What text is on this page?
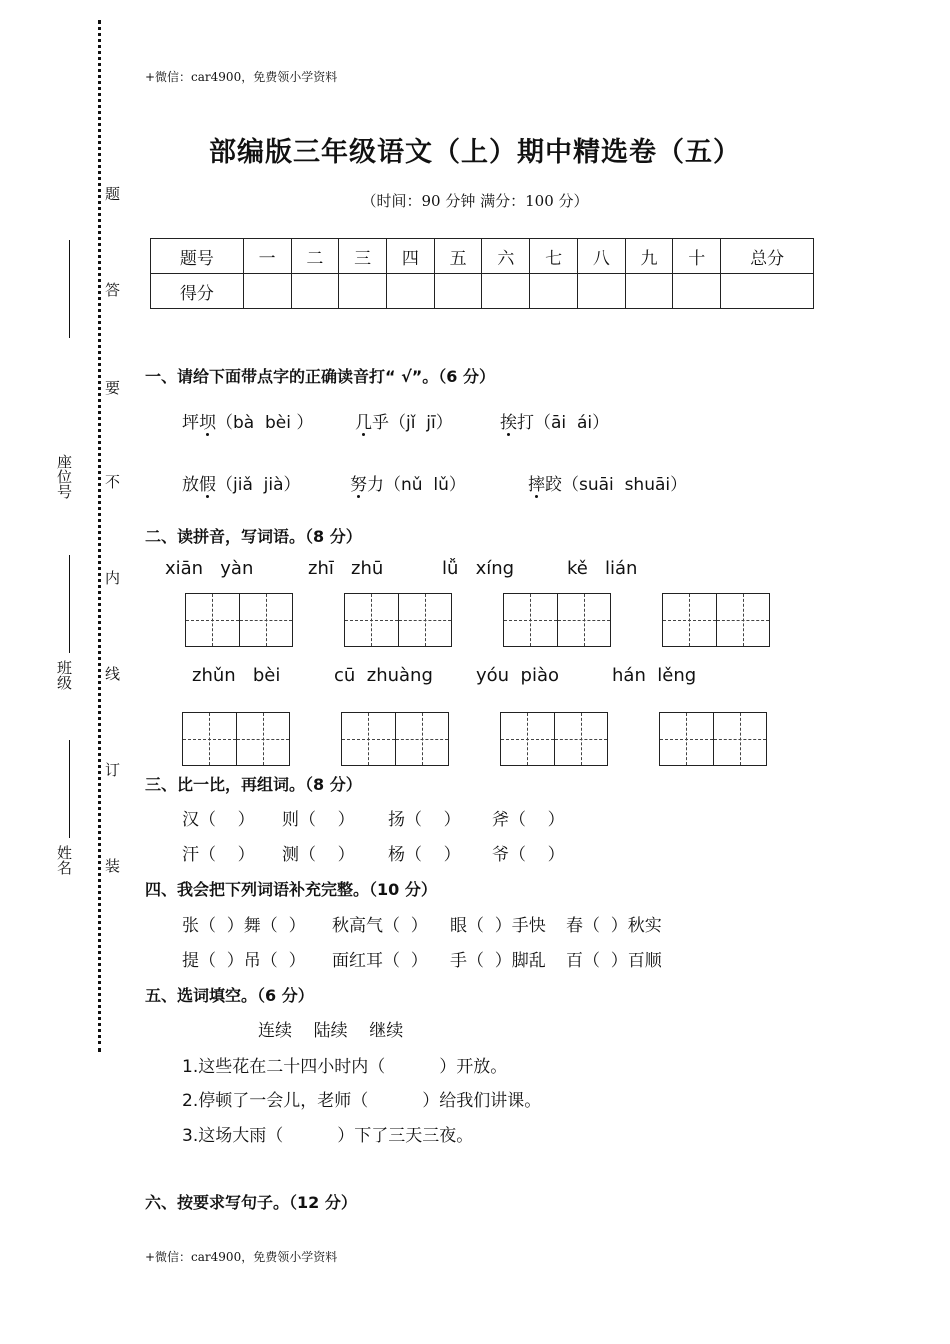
+微信：car4900，免费领小学资料
+微信：car4900，免费领小学资料
题
答
要
不
内
线
订
装
座位号
班级
姓名
部编版三年级语文（上）期中精选卷（五）
（时间：90 分钟 满分：100 分）
题号	一	二	三	四	五	六	七	八	九	十	总分
得分											
一、请给下面带点字的正确读音打“ √”。（6 分）
坪坝（bà  bèi ） 几乎（jǐ  jī）	挨打（āi  ái）
放假（jiǎ  jià）	努力（nǔ  lǔ）	摔跤（suāi  shuāi）
二、读拼音，写词语。（8 分）
xiān   yàn	zhī   zhū	lǚ   xíng	kě   lián
zhǔn   bèi	cū  zhuàng yóu  piào	hán  lěng
三、比一比，再组词。（8 分）
汉（    ） 则（    ） 扬（    ） 斧（    ）
汗（    ） 测（    ） 杨（    ） 爷（    ）
四、我会把下列词语补充完整。（10 分）
张（  ）舞（  ） 秋高气（  ） 眼（  ）手快 春（  ）秋实
提（  ）吊（  ） 面红耳（  ） 手（  ）脚乱 百（  ）百顺
五、选词填空。（6 分）
连续    陆续    继续
1.这些花在二十四小时内（          ）开放。
2.停顿了一会儿，老师（          ）给我们讲课。
3.这场大雨（          ）下了三天三夜。
六、按要求写句子。（12 分）
